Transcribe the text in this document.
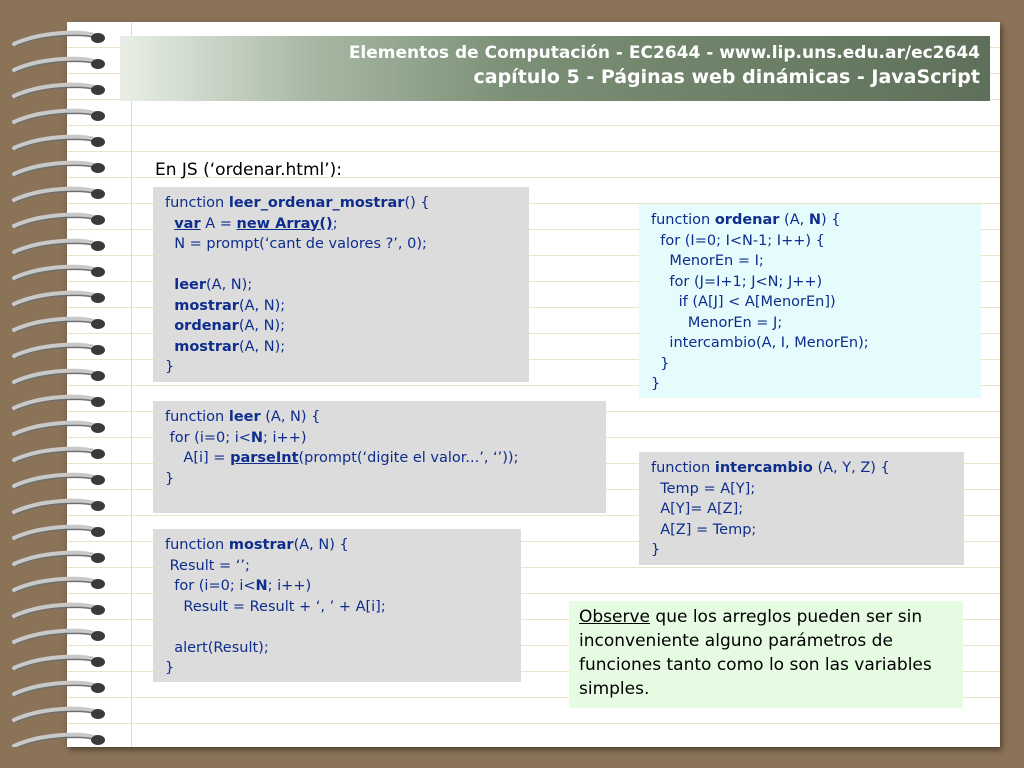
Elementos de Computación - EC2644 - www.lip.uns.edu.ar/ec2644
capítulo 5 - Páginas web dinámicas - JavaScript
En JS (‘ordenar.html’):
function leer_ordenar_mostrar() {
var A = new Array();
N = prompt(‘cant de valores ?’, 0);

leer(A, N);
mostrar(A, N);
ordenar(A, N);
mostrar(A, N);
}
function leer (A, N) {
for (i=0; i<N; i++)
A[i] = parseInt(prompt(‘digite el valor...’, ‘’));
}
function mostrar(A, N) {
Result = ‘’;
for (i=0; i<N; i++)
Result = Result + ‘, ’ + A[i];

alert(Result);
}
function ordenar (A, N) {
for (I=0; I<N-1; I++) {
MenorEn = I;
for (J=I+1; J<N; J++)
if (A[J] < A[MenorEn])
MenorEn = J;
intercambio(A, I, MenorEn);
}
}
function intercambio (A, Y, Z) {
Temp = A[Y];
A[Y]= A[Z];
A[Z] = Temp;
}
Observe que los arreglos pueden ser sin inconveniente alguno parámetros de funciones tanto como lo son las variables simples.
